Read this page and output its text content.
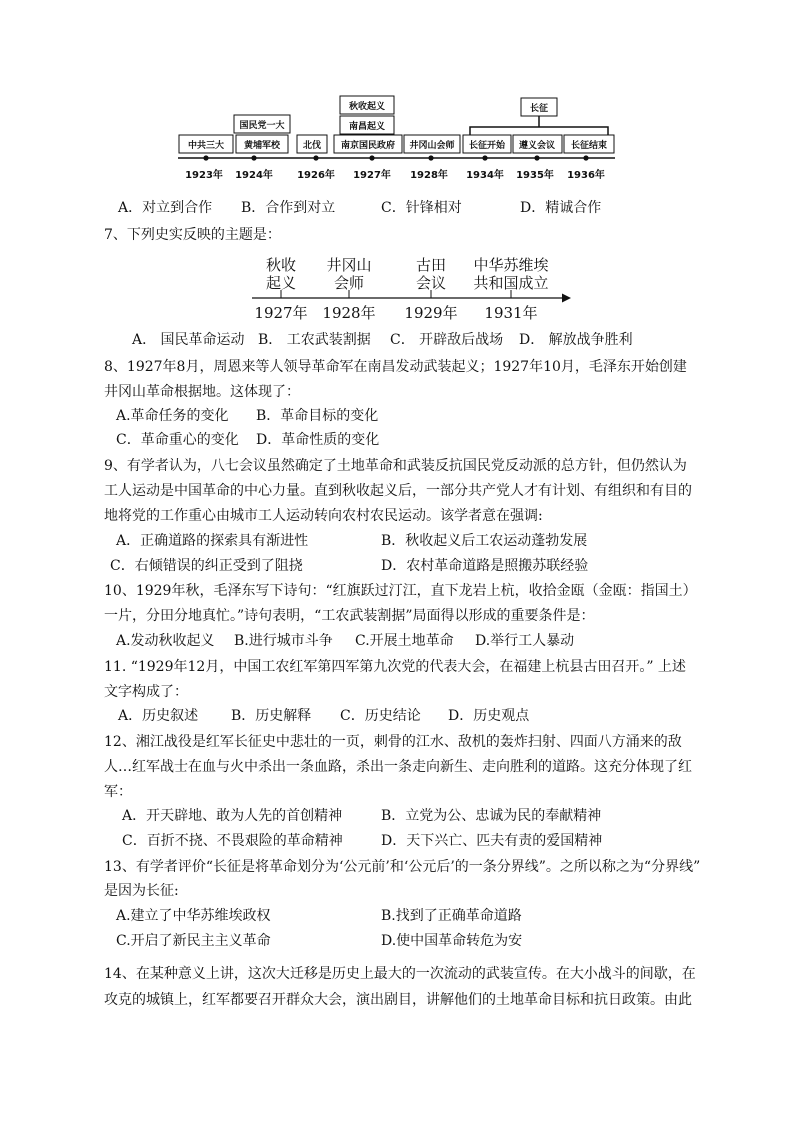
中共三大 黄埔军校
国民党一大
北伐 南京国民政府
秋收起义
南昌起义
井冈山会师 长征开始 遵义会议 长征结束
长征
1923年 1924年 1926年 1927年 1928年 1934年 1935年 1936年
A．对立到合作 B．合作到对立	C．针锋相对	D．精诚合作
7、下列史实反映的主题是：
秋收
起义
井冈山
会师
古田
会议
中华苏维埃
共和国成立
1927年 1928年 1929年 1931年
A． 国民革命运动 B． 工农武装割据 C． 开辟敌后战场 D． 解放战争胜利
8、1927年8月，周恩来等人领导革命军在南昌发动武装起义；1927年10月，毛泽东开始创建
井冈山革命根据地。这体现了：
A.革命任务的变化 B．革命目标的变化
C．革命重心的变化 D．革命性质的变化
9、有学者认为，八七会议虽然确定了土地革命和武装反抗国民党反动派的总方针，但仍然认为
工人运动是中国革命的中心力量。直到秋收起义后，一部分共产党人才有计划、有组织和有目的
地将党的工作重心由城市工人运动转向农村农民运动。该学者意在强调:
A．正确道路的探索具有渐进性	B．秋收起义后工农运动蓬勃发展
C．右倾错误的纠正受到了阻挠	D．农村革命道路是照搬苏联经验
10、1929年秋，毛泽东写下诗句：“红旗跃过汀江，直下龙岩上杭，收拾金瓯（金瓯：指国土）
一片，分田分地真忙。”诗句表明，“工农武装割据”局面得以形成的重要条件是：
A.发动秋收起义 B.进行城市斗争 C.开展土地革命 D.举行工人暴动
11. “1929年12月，中国工农红军第四军第九次党的代表大会，在福建上杭县古田召开。” 上述
文字构成了：
A．历史叙述 B．历史解释 C．历史结论 D．历史观点
12、湘江战役是红军长征史中悲壮的一页，刺骨的江水、敌机的轰炸扫射、四面八方涌来的敌
人…红军战士在血与火中杀出一条血路，杀出一条走向新生、走向胜利的道路。这充分体现了红
军：
A．开天辟地、敢为人先的首创精神	B．立党为公、忠诚为民的奉献精神
C．百折不挠、不畏艰险的革命精神	D．天下兴亡、匹夫有责的爱国精神
13、有学者评价“长征是将革命划分为‘公元前’和‘公元后’的一条分界线”。之所以称之为“分界线”
是因为长征:
A.建立了中华苏维埃政权	B.找到了正确革命道路
C.开启了新民主主义革命	D.使中国革命转危为安
14、在某种意义上讲，这次大迁移是历史上最大的一次流动的武装宣传。在大小战斗的间歇，在
攻克的城镇上，红军都要召开群众大会，演出剧目，讲解他们的土地革命目标和抗日政策。由此
